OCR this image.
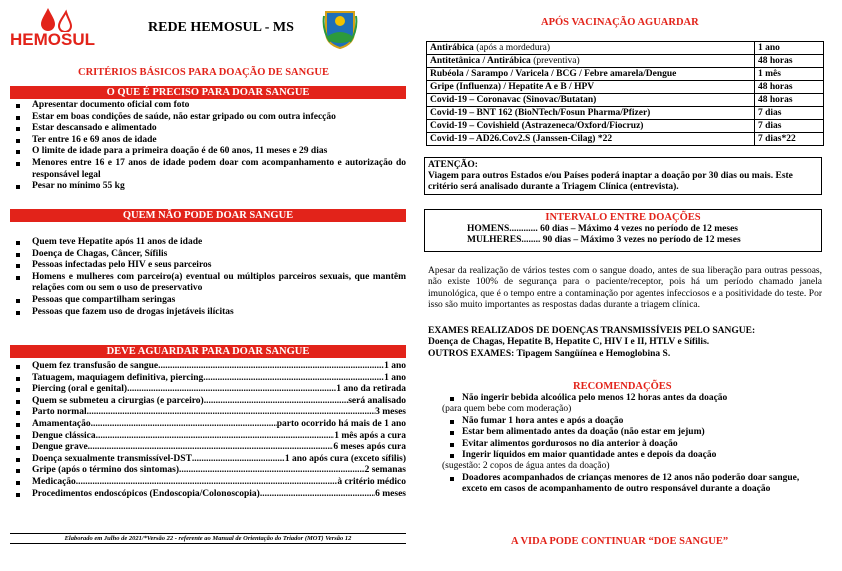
HEMOSUL
REDE HEMOSUL - MS
CRITÉRIOS BÁSICOS PARA DOAÇÃO DE SANGUE
O QUE É PRECISO PARA DOAR SANGUE
Apresentar documento oficial com foto
Estar em boas condições de saúde, não estar gripado ou com outra infecção
Estar descansado e alimentado
Ter entre 16 e 69 anos de idade
O limite de idade para a primeira doação é de 60 anos, 11 meses e 29 dias
Menores entre 16 e 17 anos de idade podem doar com acompanhamento e autorização do responsável legal
Pesar no mínimo 55 kg
QUEM NÃO PODE DOAR SANGUE
Quem teve Hepatite após 11 anos de idade
Doença de Chagas, Câncer, Sífilis
Pessoas infectadas pelo HIV e seus parceiros
Homens e mulheres com parceiro(a) eventual ou múltiplos parceiros sexuais, que mantêm relações com ou sem o uso de preservativo
Pessoas que compartilham seringas
Pessoas que fazem uso de drogas injetáveis ilícitas
DEVE AGUARDAR PARA DOAR SANGUE
Quem fez transfusão de sangue .....	1 ano
Tatuagem, maquiagem definitiva, piercing .....	1 ano
Piercing (oral e genital) .....	1 ano da retirada
Quem se submeteu a cirurgias (e parceiro) .....	será analisado
Parto normal .....	3 meses
Amamentação .....	parto ocorrido há mais de 1 ano
Dengue clássica .....	1 mês após a cura
Dengue grave .....	6 meses após cura
Doença sexualmente transmissível-DST .....	1 ano após cura (exceto sífilis)
Gripe (após o término dos sintomas) .....	2 semanas
Medicação .....	à critério médico
Procedimentos endoscópicos (Endoscopia/Colonoscopia) .....	6 meses
Elaborado em Julho de 2021/*Versão 22 - referente ao Manual de Orientação do Triador (MOT) Versão 12
APÓS VACINAÇÃO AGUARDAR
Antirábica (após a mordedura)	1 ano
Antitetânica / Antirábica (preventiva)	48 horas
Rubéola / Sarampo / Varicela / BCG / Febre amarela/Dengue	1 mês
Gripe (Influenza) / Hepatite A e B / HPV	48 horas
Covid-19 – Coronavac (Sinovac/Butatan)	48 horas
Covid-19 – BNT 162 (BioNTech/Fosun Pharma/Pfizer)	7 dias
Covid-19 – Covishield (Astrazeneca/Oxford/Fiocruz)	7 dias
Covid-19 – AD26.Cov2.S (Janssen-Cilag) *22	7 dias*22
ATENÇÃO:
Viagem para outros Estados e/ou Países poderá inaptar a doação por 30 dias ou mais. Este critério será analisado durante a Triagem Clínica (entrevista).
INTERVALO ENTRE DOAÇÕES
HOMENS............ 60 dias – Máximo 4 vezes no período de 12 meses
MULHERES........ 90 dias – Máximo 3 vezes no período de 12 meses

Apesar da realização de vários testes com o sangue doado, antes de sua liberação para outras pessoas, não existe 100% de segurança para o paciente/receptor, pois há um período chamado janela imunológica, que é o tempo entre a contaminação por agentes infecciosos e a positividade do teste. Por isso são muito importantes as respostas dadas durante a triagem clínica.

EXAMES REALIZADOS DE DOENÇAS TRANSMISSÍVEIS PELO SANGUE:
Doença de Chagas, Hepatite B, Hepatite C, HIV I e II, HTLV e Sífilis.
OUTROS EXAMES: Tipagem Sangüínea e Hemoglobina S.
RECOMENDAÇÕES
Não ingerir bebida alcoólica pelo menos 12 horas antes da doação
(para quem bebe com moderação)
Não fumar 1 hora antes e após a doação
Estar bem alimentado antes da doação (não estar em jejum)
Evitar alimentos gordurosos no dia anterior à doação
Ingerir líquidos em maior quantidade antes e depois da doação
(sugestão: 2 copos de água antes da doação)
Doadores acompanhados de crianças menores de 12 anos não poderão doar sangue, exceto em casos de acompanhamento de outro responsável durante a doação
A VIDA PODE CONTINUAR “DOE SANGUE”
